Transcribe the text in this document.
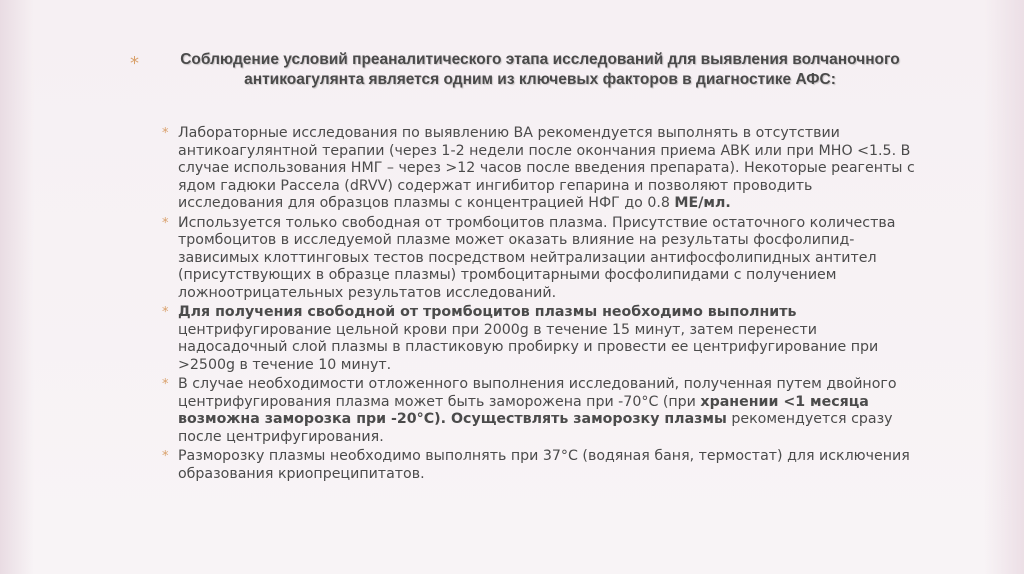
*	Соблюдение условий преаналитического этапа исследований для выявления волчаночного
антикоагулянта является одним из ключевых факторов в диагностике АФС:

* Лабораторные исследования по выявлению ВА рекомендуется выполнять в отсутствии антикоагулянтной терапии (через 1-2 недели после окончания приема АВК или при МНО <1.5. В случае использования НМГ – через >12 часов после введения препарата). Некоторые реагенты с ядом гадюки Рассела (dRVV) содержат ингибитор гепарина и позволяют проводить исследования для образцов плазмы с концентрацией НФГ до 0.8 МЕ/мл.
* Используется только свободная от тромбоцитов плазма. Присутствие остаточного количества тромбоцитов в исследуемой плазме может оказать влияние на результаты фосфолипид-зависимых клоттинговых тестов посредством нейтрализации антифосфолипидных антител (присутствующих в образце плазмы) тромбоцитарными фосфолипидами с получением ложноотрицательных результатов исследований.
* Для получения свободной от тромбоцитов плазмы необходимо выполнить центрифугирование цельной крови при 2000g в течение 15 минут, затем перенести надосадочный слой плазмы в пластиковую пробирку и провести ее центрифугирование при >2500g в течение 10 минут.
* В случае необходимости отложенного выполнения исследований, полученная путем двойного центрифугирования плазма может быть заморожена при -70°С (при хранении <1 месяца возможна заморозка при -20°С). Осуществлять заморозку плазмы рекомендуется сразу после центрифугирования.
* Разморозку плазмы необходимо выполнять при 37°С (водяная баня, термостат) для исключения образования криопреципитатов.
